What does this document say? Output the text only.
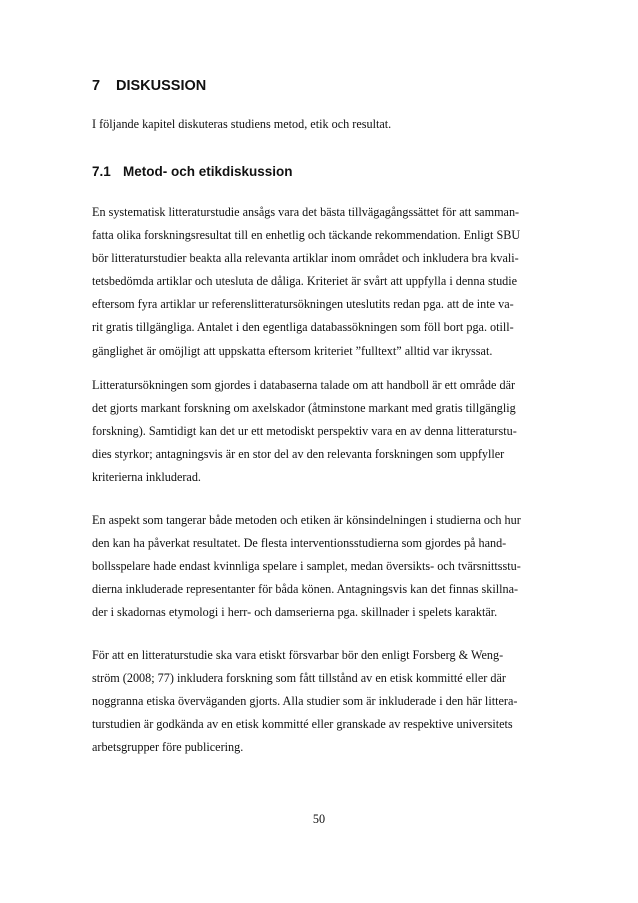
7 DISKUSSION

I följande kapitel diskuteras studiens metod, etik och resultat.

7.1 Metod- och etikdiskussion
En systematisk litteraturstudie ansågs vara det bästa tillvägagångssättet för att samman-
fatta olika forskningsresultat till en enhetlig och täckande rekommendation. Enligt SBU
bör litteraturstudier beakta alla relevanta artiklar inom området och inkludera bra kvali-
tetsbedömda artiklar och utesluta de dåliga. Kriteriet är svårt att uppfylla i denna studie
eftersom fyra artiklar ur referenslitteratursökningen uteslutits redan pga. att de inte va-
rit gratis tillgängliga. Antalet i den egentliga databassökningen som föll bort pga. otill-
gänglighet är omöjligt att uppskatta eftersom kriteriet ”fulltext” alltid var ikryssat.
Litteratursökningen som gjordes i databaserna talade om att handboll är ett område där
det gjorts markant forskning om axelskador (åtminstone markant med gratis tillgänglig
forskning). Samtidigt kan det ur ett metodiskt perspektiv vara en av denna litteraturstu-
dies styrkor; antagningsvis är en stor del av den relevanta forskningen som uppfyller
kriterierna inkluderad.
En aspekt som tangerar både metoden och etiken är könsindelningen i studierna och hur
den kan ha påverkat resultatet. De flesta interventionsstudierna som gjordes på hand-
bollsspelare hade endast kvinnliga spelare i samplet, medan översikts- och tvärsnittsstu-
dierna inkluderade representanter för båda könen. Antagningsvis kan det finnas skillna-
der i skadornas etymologi i herr- och damserierna pga. skillnader i spelets karaktär.
För att en litteraturstudie ska vara etiskt försvarbar bör den enligt Forsberg & Weng-
ström (2008; 77) inkludera forskning som fått tillstånd av en etisk kommitté eller där
noggranna etiska överväganden gjorts. Alla studier som är inkluderade i den här littera-
turstudien är godkända av en etisk kommitté eller granskade av respektive universitets
arbetsgrupper före publicering.
50
